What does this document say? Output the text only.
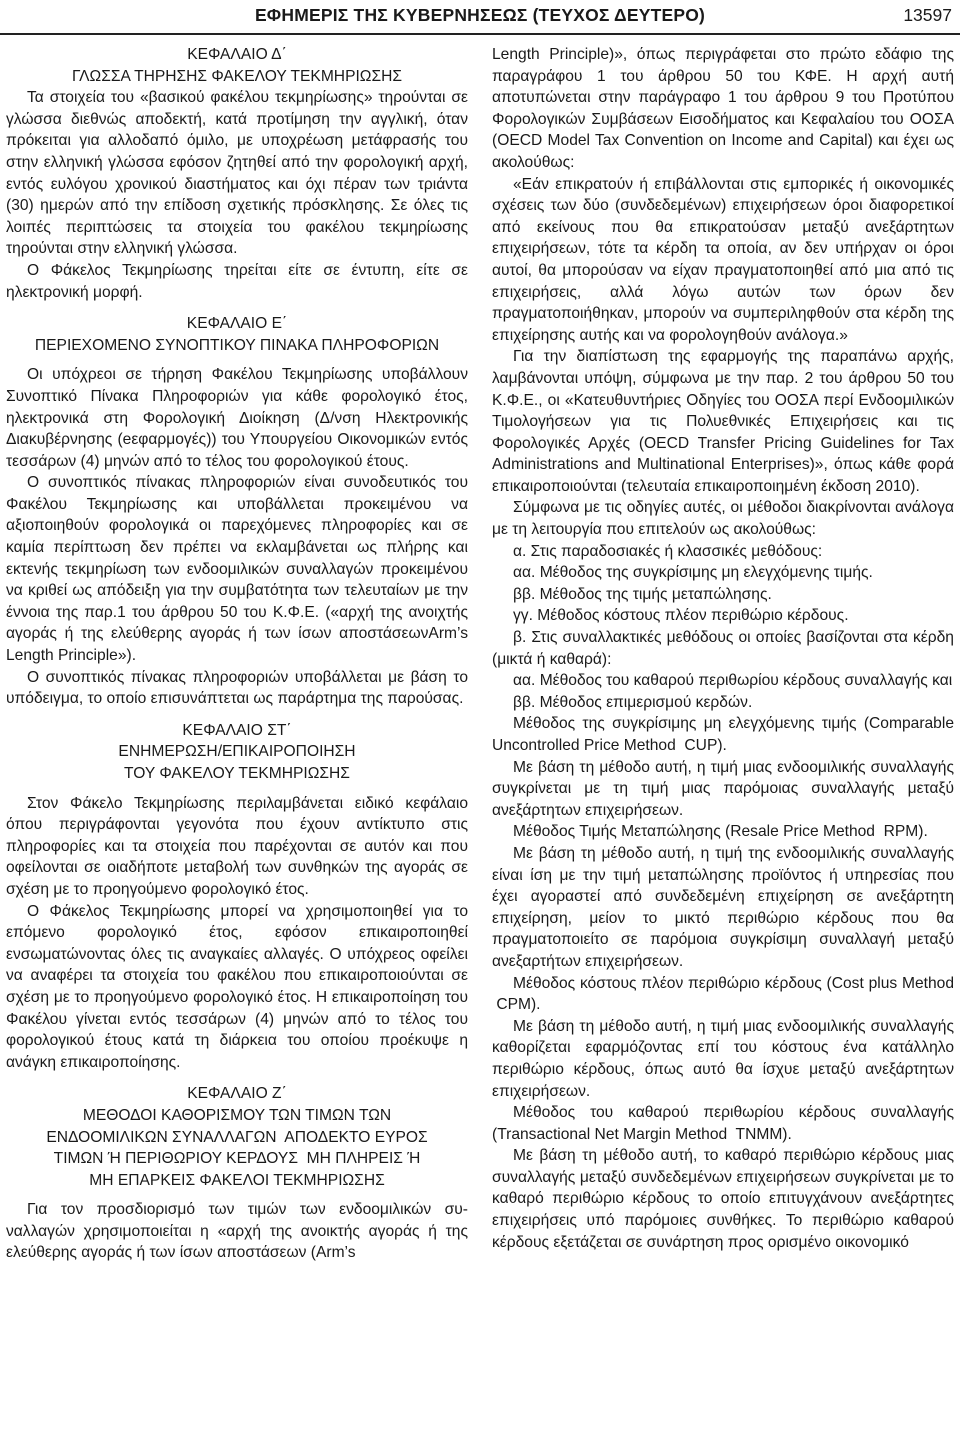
ΕΦΗΜΕΡΙΣ ΤΗΣ ΚΥΒΕΡΝΗΣΕΩΣ (ΤΕΥΧΟΣ ΔΕΥΤΕΡΟ)	13597
ΚΕΦΑΛΑΙΟ Δ΄
ΓΛΩΣΣΑ ΤΗΡΗΣΗΣ ΦΑΚΕΛΟΥ ΤΕΚΜΗΡΙΩΣΗΣ

Τα στοιχεία του «βασικού φακέλου τεκμηρίωσης» τηρούνται σε γλώσσα διεθνώς αποδεκτή, κατά προτίμηση την αγγλική, όταν πρόκειται για αλλοδαπό όμιλο, με υποχρέωση μετάφρασής του στην ελληνική γλώσσα εφόσον ζητηθεί από την φορολογική αρχή, εντός ευλόγου χρονικού διαστήματος και όχι πέραν των τριάντα (30) ημερών από την επίδοση σχετικής πρόσκλησης. Σε όλες τις λοιπές περιπτώσεις τα στοιχεία του φακέλου τεκμηρίωσης τηρούνται στην ελληνική γλώσσα.

Ο Φάκελος Τεκμηρίωσης τηρείται είτε σε έντυπη, είτε σε ηλεκτρονική μορφή.

ΚΕΦΑΛΑΙΟ Ε΄
ΠΕΡΙΕΧΟΜΕΝΟ ΣΥΝΟΠΤΙΚΟΥ ΠΙΝΑΚΑ ΠΛΗΡΟΦΟΡΙΩΝ

Οι υπόχρεοι σε τήρηση Φακέλου Τεκμηρίωσης υποβάλλουν Συνοπτικό Πίνακα Πληροφοριών για κάθε φορολογικό έτος, ηλεκτρονικά στη Φορολογική Διοίκηση (Δ/νση Ηλεκτρονικής Διακυβέρνησης (eεφαρμογές)) του Υπουργείου Οικονομικών εντός τεσσάρων (4) μηνών από το τέλος του φορολογικού έτους.

Ο συνοπτικός πίνακας πληροφοριών είναι συνοδευτικός του Φακέλου Τεκμηρίωσης και υποβάλλεται προκειμένου να αξιοποιηθούν φορολογικά οι παρεχόμενες πληροφορίες και σε καμία περίπτωση δεν πρέπει να εκλαμβάνεται ως πλήρης και εκτενής τεκμηρίωση των ενδοομιλικών συναλλαγών προκειμένου να κριθεί ως απόδειξη για την συμβατότητα των τελευταίων με την έννοια της παρ.1 του άρθρου 50 του Κ.Φ.Ε. («αρχή της ανοιχτής αγοράς ή της ελεύθερης αγοράς ή των ίσων αποστάσεωνArm’s Length Principle»).

Ο συνοπτικός πίνακας πληροφοριών υποβάλλεται με βάση το υπόδειγμα, το οποίο επισυνάπτεται ως παράρτημα της παρούσας.

ΚΕΦΑΛΑΙΟ ΣΤ΄
ΕΝΗΜΕΡΩΣΗ/ΕΠΙΚΑΙΡΟΠΟΙΗΣΗ
ΤΟΥ ΦΑΚΕΛΟΥ ΤΕΚΜΗΡΙΩΣΗΣ

Στον Φάκελο Τεκμηρίωσης περιλαμβάνεται ειδικό κεφάλαιο όπου περιγράφονται γεγονότα που έχουν αντίκτυπο στις πληροφορίες και τα στοιχεία που παρέχονται σε αυτόν και που οφείλονται σε οιαδήποτε μεταβολή των συνθηκών της αγοράς σε σχέση με το προηγούμενο φορολογικό έτος.

Ο Φάκελος Τεκμηρίωσης μπορεί να χρησιμοποιηθεί για το επόμενο φορολογικό έτος, εφόσον επικαιροποιηθεί ενσωματώνοντας όλες τις αναγκαίες αλλαγές. Ο υπόχρεος οφείλει να αναφέρει τα στοιχεία του φακέλου που επικαιροποιούνται σε σχέση με το προηγούμενο φορολογικό έτος. Η επικαιροποίηση του Φακέλου γίνεται εντός τεσσάρων (4) μηνών από το τέλος του φορολογικού έτους κατά τη διάρκεια του οποίου προέκυψε η ανάγκη επικαιροποίησης.

ΚΕΦΑΛΑΙΟ Ζ΄
ΜΕΘΟΔΟΙ ΚΑΘΟΡΙΣΜΟΥ ΤΩΝ ΤΙΜΩΝ ΤΩΝ
ΕΝΔΟΟΜΙΛΙΚΩΝ ΣΥΝΑΛΛΑΓΩΝ ΑΠΟΔΕΚΤΟ ΕΥΡΟΣ
ΤΙΜΩΝ Ή ΠΕΡΙΘΩΡΙΟΥ ΚΕΡΔΟΥΣ ΜΗ ΠΛΗΡΕΙΣ Ή
ΜΗ ΕΠΑΡΚΕΙΣ ΦΑΚΕΛΟΙ ΤΕΚΜΗΡΙΩΣΗΣ

Για τον προσδιορισμό των τιμών των ενδοομιλικών συναλλαγών χρησιμοποιείται η «αρχή της ανοικτής αγοράς ή της ελεύθερης αγοράς ή των ίσων αποστάσεων (Arm’s

Length Principle)», όπως περιγράφεται στο πρώτο εδάφιο της παραγράφου 1 του άρθρου 50 του ΚΦΕ. Η αρχή αυτή αποτυπώνεται στην παράγραφο 1 του άρθρου 9 του Προτύπου Φορολογικών Συμβάσεων Εισοδήματος και Κεφαλαίου του ΟΟΣΑ (OECD Model Tax Convention on Income and Capital) και έχει ως ακολούθως:

«Εάν επικρατούν ή επιβάλλονται στις εμπορικές ή οικονομικές σχέσεις των δύο (συνδεδεμένων) επιχειρήσεων όροι διαφορετικοί από εκείνους που θα επικρατούσαν μεταξύ ανεξάρτητων επιχειρήσεων, τότε τα κέρδη τα οποία, αν δεν υπήρχαν οι όροι αυτοί, θα μπορούσαν να είχαν πραγματοποιηθεί από μια από τις επιχειρήσεις, αλλά λόγω αυτών των όρων δεν πραγματοποιήθηκαν, μπορούν να συμπεριληφθούν στα κέρδη της επιχείρησης αυτής και να φορολογηθούν ανάλογα.»

Για την διαπίστωση της εφαρμογής της παραπάνω αρχής, λαμβάνονται υπόψη, σύμφωνα με την παρ. 2 του άρθρου 50 του Κ.Φ.Ε., οι «Κατευθυντήριες Οδηγίες του ΟΟΣΑ περί Ενδοομιλικών Τιμολογήσεων για τις Πολυεθνικές Επιχειρήσεις και τις Φορολογικές Αρχές (OECD Transfer Pricing Guidelines for Tax Administrations and Multinational Enterprises)», όπως κάθε φορά επικαιροποιούνται (τελευταία επικαιροποιημένη έκδοση 2010).

Σύμφωνα με τις οδηγίες αυτές, οι μέθοδοι διακρίνονται ανάλογα με τη λειτουργία που επιτελούν ως ακολούθως:

α. Στις παραδοσιακές ή κλασσικές μεθόδους:

αα. Μέθοδος της συγκρίσιμης μη ελεγχόμενης τιμής.

ββ. Μέθοδος της τιμής μεταπώλησης.

γγ. Μέθοδος κόστους πλέον περιθώριο κέρδους.

β. Στις συναλλακτικές μεθόδους οι οποίες βασίζονται στα κέρδη (μικτά ή καθαρά):

αα. Μέθοδος του καθαρού περιθωρίου κέρδους συναλλαγής και

ββ. Μέθοδος επιμερισμού κερδών.

Μέθοδος της συγκρίσιμης μη ελεγχόμενης τιμής (Comparable Uncontrolled Price Method CUP).

Με βάση τη μέθοδο αυτή, η τιμή μιας ενδοομιλικής συναλλαγής συγκρίνεται με τη τιμή μιας παρόμοιας συναλλαγής μεταξύ ανεξάρτητων επιχειρήσεων.

Μέθοδος Τιμής Μεταπώλησης (Resale Price Method RPM).

Με βάση τη μέθοδο αυτή, η τιμή της ενδοομιλικής συναλλαγής είναι ίση με την τιμή μεταπώλησης προϊόντος ή υπηρεσίας που έχει αγοραστεί από συνδεδεμένη επιχείρηση σε ανεξάρτητη επιχείρηση, μείον το μικτό περιθώριο κέρδους που θα πραγματοποιείτο σε παρόμοια συγκρίσιμη συναλλαγή μεταξύ ανεξαρτήτων επιχειρήσεων.

Μέθοδος κόστους πλέον περιθώριο κέρδους (Cost plus Method CPM).

Με βάση τη μέθοδο αυτή, η τιμή μιας ενδοομιλικής συναλλαγής καθορίζεται εφαρμόζοντας επί του κόστους ένα κατάλληλο περιθώριο κέρδους, όπως αυτό θα ίσχυε μεταξύ ανεξάρτητων επιχειρήσεων.

Μέθοδος του καθαρού περιθωρίου κέρδους συναλλαγής (Transactional Net Margin Method TNMM).

Με βάση τη μέθοδο αυτή, το καθαρό περιθώριο κέρδους μιας συναλλαγής μεταξύ συνδεδεμένων επιχειρήσεων συγκρίνεται με το καθαρό περιθώριο κέρδους το οποίο επιτυγχάνουν ανεξάρτητες επιχειρήσεις υπό παρόμοιες συνθήκες. Το περιθώριο καθαρού κέρδους εξετάζεται σε συνάρτηση προς ορισμένο οικονομικό
